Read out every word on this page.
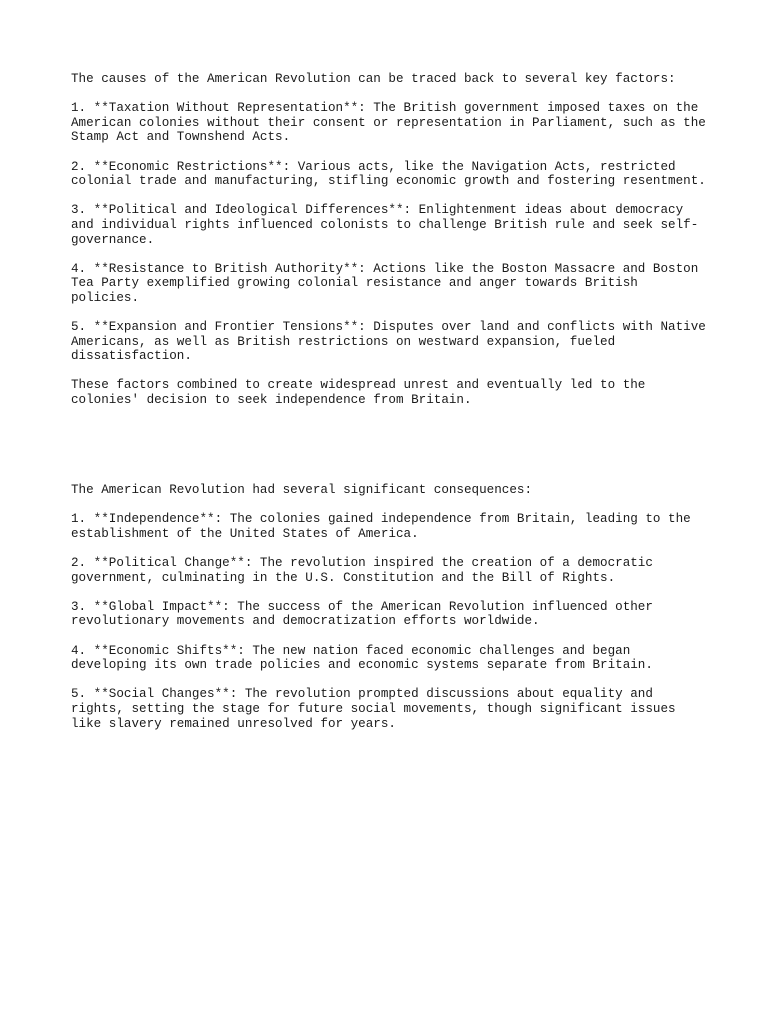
The causes of the American Revolution can be traced back to several key factors:

1. **Taxation Without Representation**: The British government imposed taxes on the American colonies without their consent or representation in Parliament, such as the Stamp Act and Townshend Acts.

2. **Economic Restrictions**: Various acts, like the Navigation Acts, restricted colonial trade and manufacturing, stifling economic growth and fostering resentment.

3. **Political and Ideological Differences**: Enlightenment ideas about democracy and individual rights influenced colonists to challenge British rule and seek self-governance.

4. **Resistance to British Authority**: Actions like the Boston Massacre and Boston Tea Party exemplified growing colonial resistance and anger towards British policies.

5. **Expansion and Frontier Tensions**: Disputes over land and conflicts with Native Americans, as well as British restrictions on westward expansion, fueled dissatisfaction.

These factors combined to create widespread unrest and eventually led to the colonies' decision to seek independence from Britain.

The American Revolution had several significant consequences:

1. **Independence**: The colonies gained independence from Britain, leading to the establishment of the United States of America.

2. **Political Change**: The revolution inspired the creation of a democratic government, culminating in the U.S. Constitution and the Bill of Rights.

3. **Global Impact**: The success of the American Revolution influenced other revolutionary movements and democratization efforts worldwide.

4. **Economic Shifts**: The new nation faced economic challenges and began developing its own trade policies and economic systems separate from Britain.

5. **Social Changes**: The revolution prompted discussions about equality and rights, setting the stage for future social movements, though significant issues like slavery remained unresolved for years.
